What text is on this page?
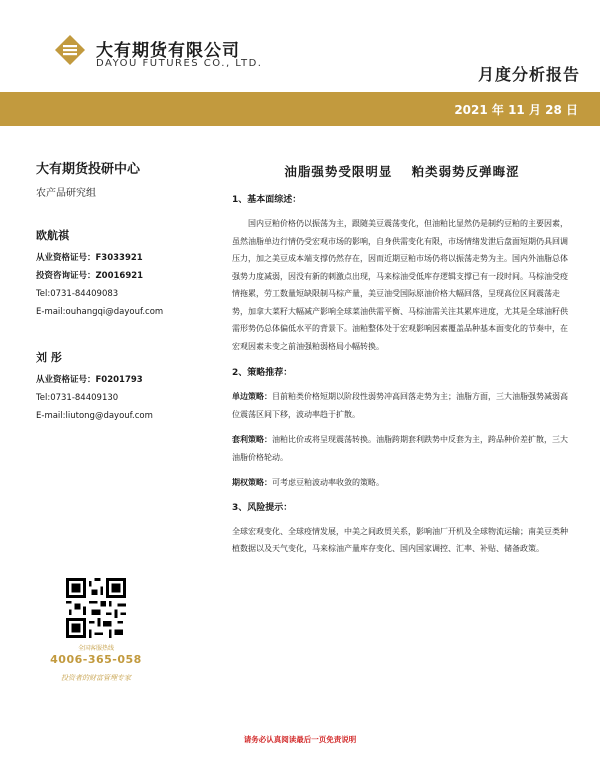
大有期货有限公司
DAYOU FUTURES CO., LTD.
月度分析报告
2021 年 11 月 28 日

大有期货投研中心

农产品研究组

欧航祺
从业资格证号：F3033921
投资咨询证号：Z0016921
Tel:0731-84409083
E-mail:ouhangqi@dayouf.com
刘 彤
从业资格证号：F0201793
Tel:0731-84409130
E-mail:liutong@dayouf.com
全国客服热线
4006-365-058
投资者的财富管理专家
油脂强势受限明显 粕类弱势反弹晦涩
1、基本面综述：

国内豆粕价格仍以振荡为主，跟随美豆震荡变化，但油粕比显然仍是制约豆粕的主要因素，虽然油脂单边行情仍受宏观市场的影响，自身供需变化有限，市场情绪发泄后盘面短期仍具回调压力，加之美豆成本端支撑仍然存在，因而近期豆粕市场仍将以振荡走势为主。国内外油脂总体强势力度减弱，因没有新的刺激点出现，马来棕油受低库存逻辑支撑已有一段时间。马棕油受疫情拖累，劳工数量短缺限制马棕产量，美豆油受国际原油价格大幅回落，呈现高位区间震荡走势，加拿大菜籽大幅减产影响全球菜油供需平衡、马棕油需关注其累库进度，尤其是全球油籽供需形势仍总体偏低水平的背景下。油粕整体处于宏观影响因素覆盖品种基本面变化的节奏中，在宏观因素未变之前油强粕弱格局小幅转换。

2、策略推荐：

单边策略：目前粕类价格短期以阶段性弱势冲高回落走势为主；油脂方面，三大油脂强势减弱高位震荡区间下移，波动率趋于扩散。

套利策略：油粕比价或将呈现震荡转换。油脂跨期套利跌势中反套为主，跨品种价差扩散，三大油脂价格轮动。

期权策略：可考虑豆粕波动率收敛的策略。

3、风险提示：

全球宏观变化、全球疫情发展，中美之间政贸关系，影响油厂开机及全球物流运输；南美豆类种植数据以及天气变化，马来棕油产量库存变化、国内国家调控、汇率、补贴、储备政策。

请务必认真阅读最后一页免责说明
